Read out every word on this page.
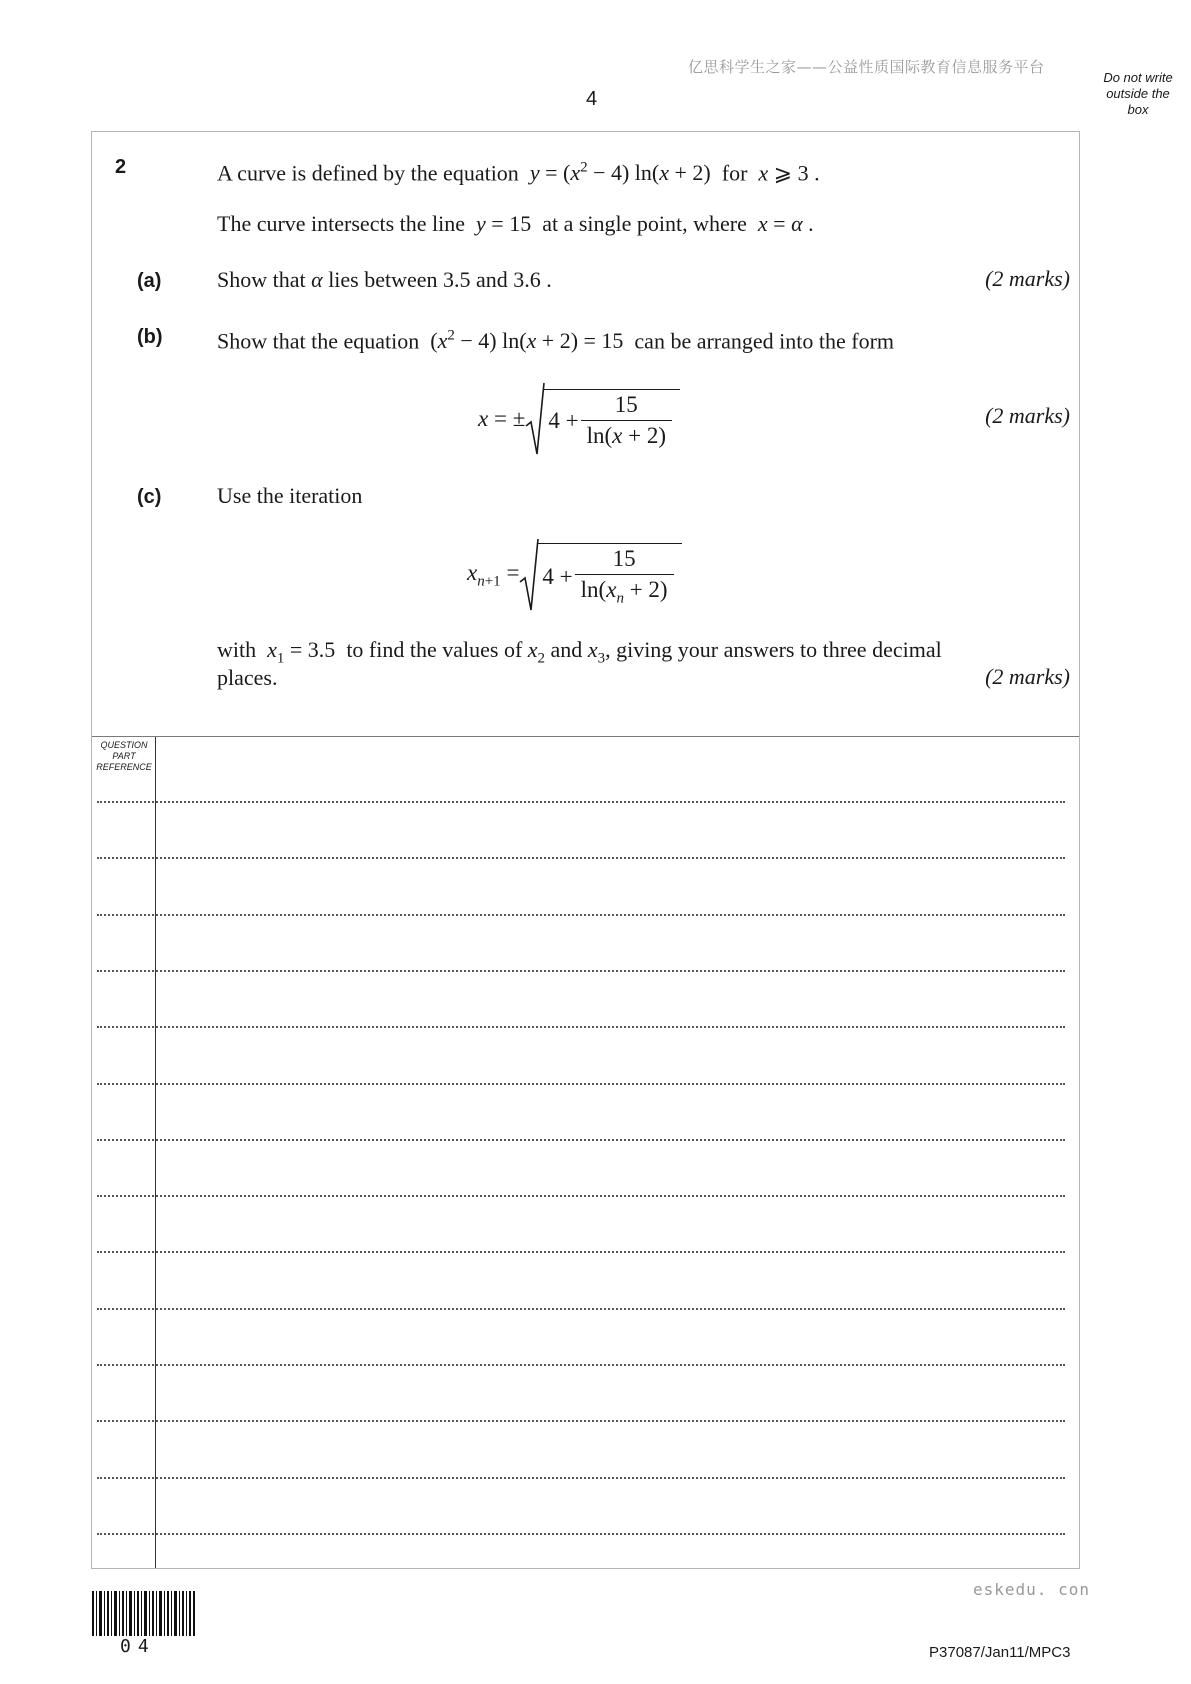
亿思科学生之家——公益性质国际教育信息服务平台
4
Do not write
outside the
box
2	A curve is defined by the equation $y = (x^2 - 4) \ln(x + 2)$ for x ⩾ 3 .
The curve intersects the line y = 15 at a single point, where x = α .
(a)	Show that α lies between 3.5 and 3.6 .	(2 marks)
(b) Show that the equation $(x^2 - 4) \ln(x + 2) = 15$ can be arranged into the form
x = ± $4 + \frac{15}{\ln(x + 2)}$	(2 marks)
(c)	Use the iteration
$x_{n+1} = 4 + \frac{15}{\ln(x_n + 2)}$
with $x_1 = 3.5$ to find the values of $x_2$ and $x_3$, giving your answers to three decimal
places.	(2 marks)
QUESTION
PART
REFERENCE
eskedu. con
04	P37087/Jan11/MPC3
